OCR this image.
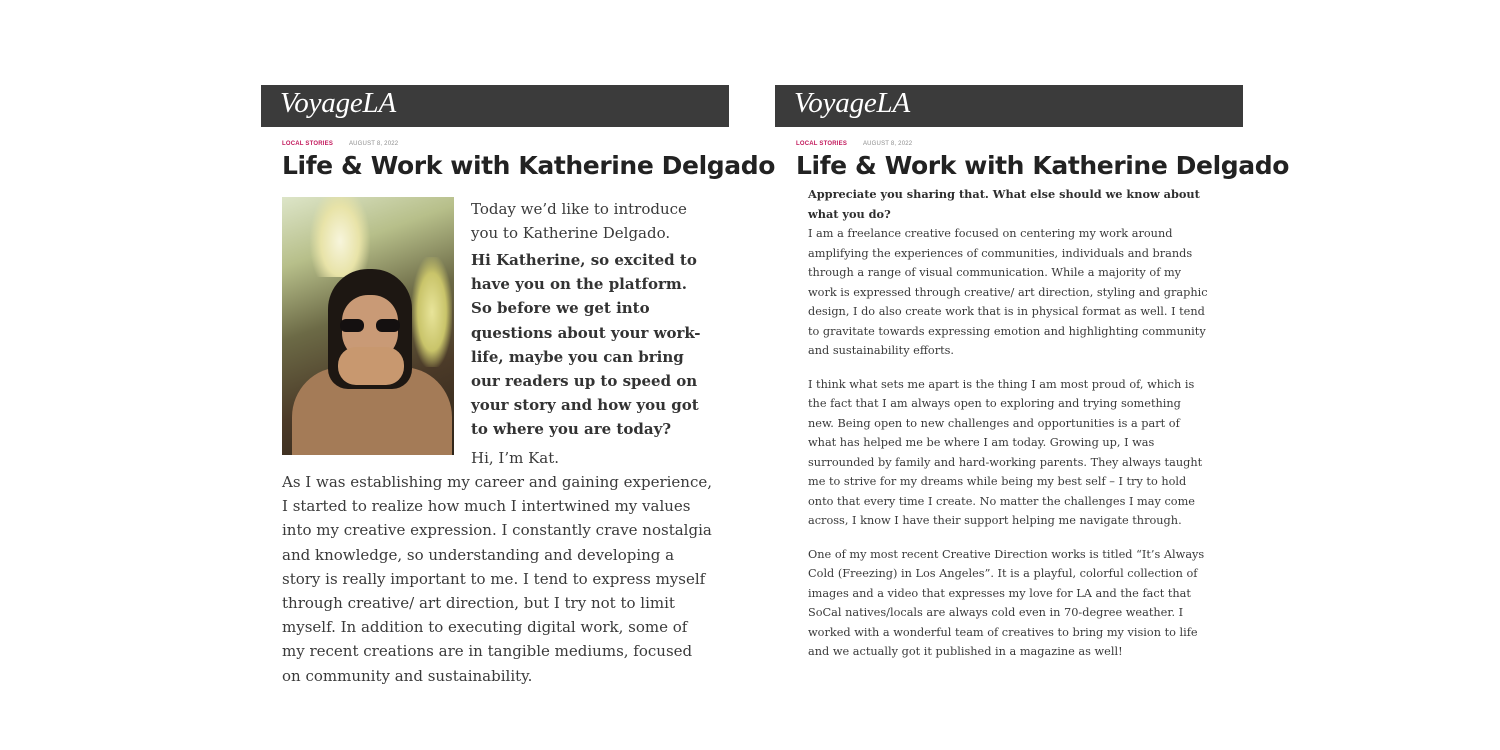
VoyageLA
LOCAL STORIES	AUGUST 8, 2022
Life & Work with Katherine Delgado

Today we’d like to introduce you to Katherine Delgado.

Hi Katherine, so excited to have you on the platform. So before we get into questions about your work-life, maybe you can bring our readers up to speed on your story and how you got to where you are today?

Hi, I’m Kat.

As I was establishing my career and gaining experience, I started to realize how much I intertwined my values into my creative expression. I constantly crave nostalgia and knowledge, so understanding and developing a story is really important to me. I tend to express myself through creative/ art direction, but I try not to limit myself. In addition to executing digital work, some of my recent creations are in tangible mediums, focused on community and sustainability.

VoyageLA
LOCAL STORIES	AUGUST 8, 2022
Life & Work with Katherine Delgado

Appreciate you sharing that. What else should we know about what you do?

I am a freelance creative focused on centering my work around amplifying the experiences of communities, individuals and brands through a range of visual communication. While a majority of my work is expressed through creative/ art direction, styling and graphic design, I do also create work that is in physical format as well. I tend to gravitate towards expressing emotion and highlighting community and sustainability efforts.

I think what sets me apart is the thing I am most proud of, which is the fact that I am always open to exploring and trying something new. Being open to new challenges and opportunities is a part of what has helped me be where I am today. Growing up, I was surrounded by family and hard-working parents. They always taught me to strive for my dreams while being my best self – I try to hold onto that every time I create. No matter the challenges I may come across, I know I have their support helping me navigate through.

One of my most recent Creative Direction works is titled “It’s Always Cold (Freezing) in Los Angeles”. It is a playful, colorful collection of images and a video that expresses my love for LA and the fact that SoCal natives/locals are always cold even in 70-degree weather. I worked with a wonderful team of creatives to bring my vision to life and we actually got it published in a magazine as well!
